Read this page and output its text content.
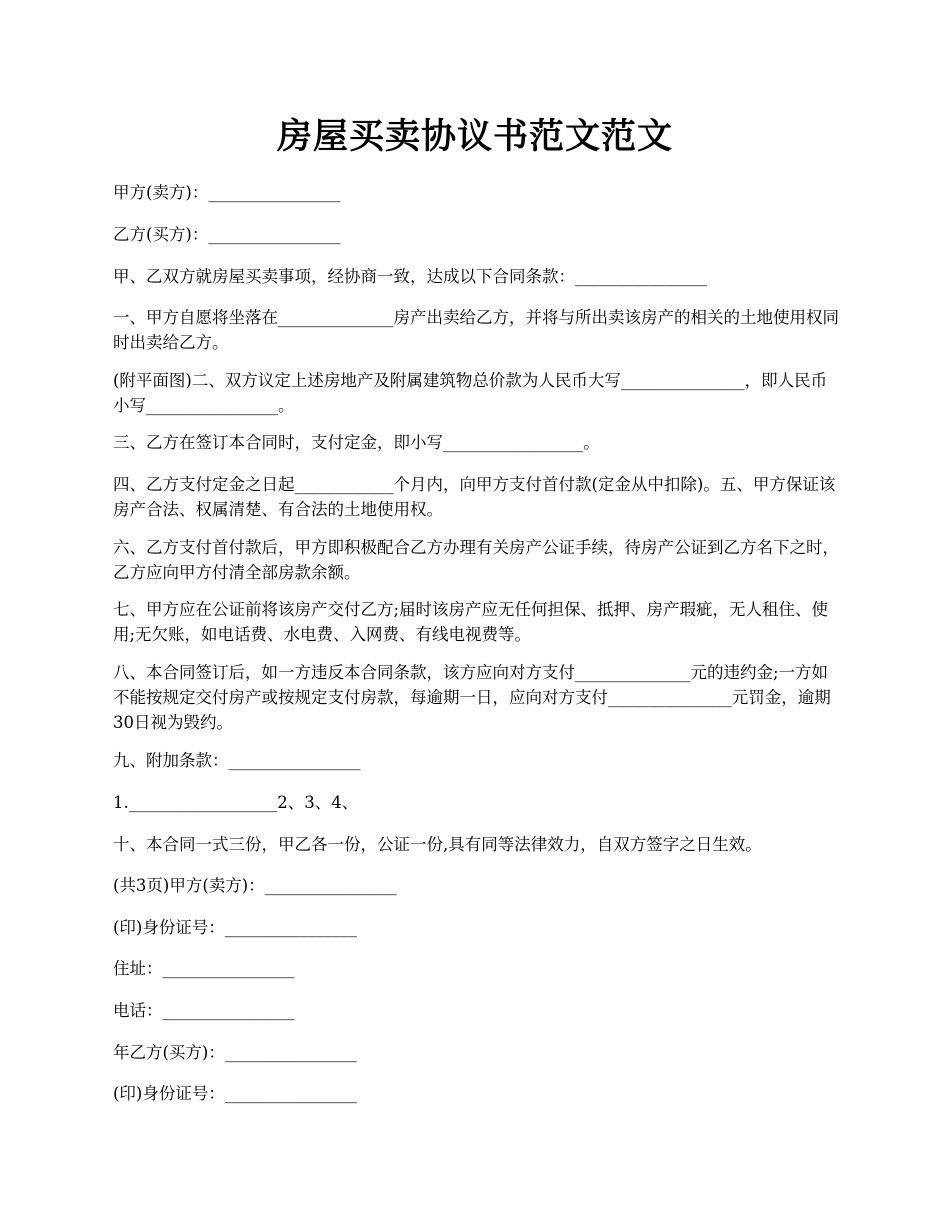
房屋买卖协议书范文范文

甲方(卖方)：________________

乙方(买方)：________________

甲、乙双方就房屋买卖事项，经协商一致，达成以下合同条款：________________

一、甲方自愿将坐落在______________房产出卖给乙方，并将与所出卖该房产的相关的土地使用权同时出卖给乙方。

(附平面图)二、双方议定上述房地产及附属建筑物总价款为人民币大写_______________，即人民币小写________________。

三、乙方在签订本合同时，支付定金，即小写_________________。

四、乙方支付定金之日起____________个月内，向甲方支付首付款(定金从中扣除)。五、甲方保证该房产合法、权属清楚、有合法的土地使用权。

六、乙方支付首付款后，甲方即积极配合乙方办理有关房产公证手续，待房产公证到乙方名下之时，乙方应向甲方付清全部房款余额。

七、甲方应在公证前将该房产交付乙方;届时该房产应无任何担保、抵押、房产瑕疵，无人租住、使用;无欠账，如电话费、水电费、入网费、有线电视费等。

八、本合同签订后，如一方违反本合同条款，该方应向对方支付______________元的违约金;一方如不能按规定交付房产或按规定支付房款，每逾期一日，应向对方支付_______________元罚金，逾期30日视为毁约。

九、附加条款：________________

1.__________________2、3、4、

十、本合同一式三份，甲乙各一份，公证一份,具有同等法律效力，自双方签字之日生效。

(共3页)甲方(卖方)：________________

(印)身份证号：________________

住址：________________

电话：________________

年乙方(买方)：________________

(印)身份证号：________________
